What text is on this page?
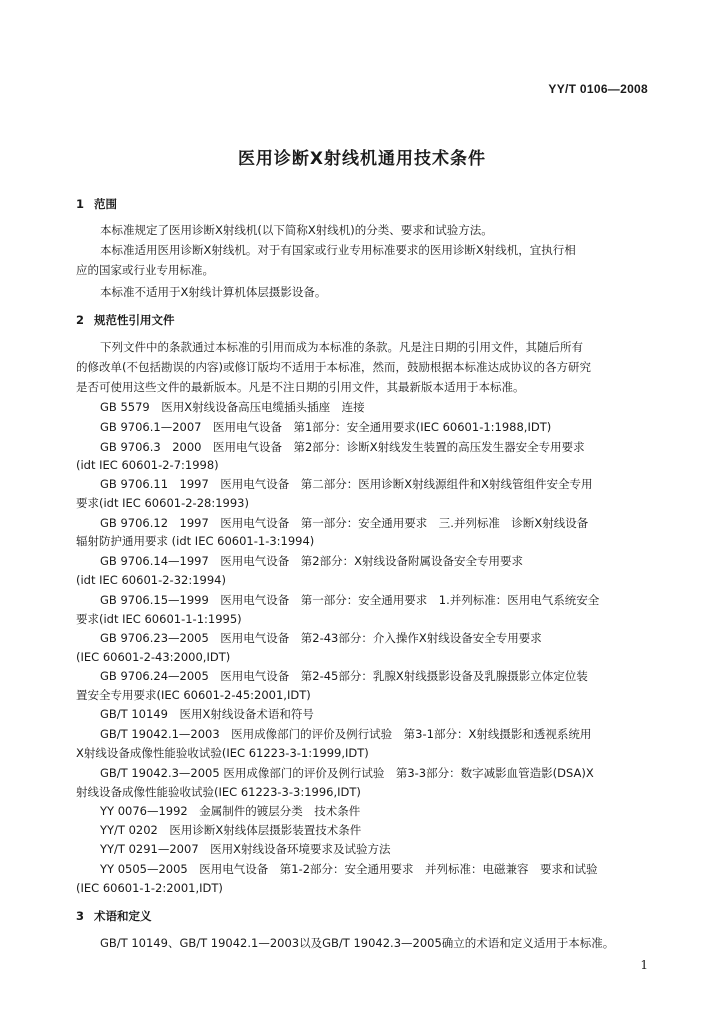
YY/T 0106—2008
医用诊断X射线机通用技术条件
1 范围
本标准规定了医用诊断X射线机(以下简称X射线机)的分类、要求和试验方法。
本标准适用医用诊断X射线机。对于有国家或行业专用标准要求的医用诊断X射线机，宜执行相
应的国家或行业专用标准。
本标准不适用于X射线计算机体层摄影设备。
2 规范性引用文件
下列文件中的条款通过本标准的引用而成为本标准的条款。凡是注日期的引用文件，其随后所有
的修改单(不包括勘误的内容)或修订版均不适用于本标准，然而，鼓励根据本标准达成协议的各方研究
是否可使用这些文件的最新版本。凡是不注日期的引用文件，其最新版本适用于本标准。
GB 5579　医用X射线设备高压电缆插头插座　连接
GB 9706.1—2007　医用电气设备　第1部分：安全通用要求(IEC 60601-1:1988,IDT)
GB 9706.3　2000　医用电气设备　第2部分：诊断X射线发生装置的高压发生器安全专用要求
(idt IEC 60601-2-7:1998)
GB 9706.11　1997　医用电气设备　第二部分：医用诊断X射线源组件和X射线管组件安全专用
要求(idt IEC 60601-2-28:1993)
GB 9706.12　1997　医用电气设备　第一部分：安全通用要求　三.并列标准　诊断X射线设备
辐射防护通用要求 (idt IEC 60601-1-3:1994)
GB 9706.14—1997　医用电气设备　第2部分：X射线设备附属设备安全专用要求
(idt IEC 60601-2-32:1994)
GB 9706.15—1999　医用电气设备　第一部分：安全通用要求　1.并列标准：医用电气系统安全
要求(idt IEC 60601-1-1:1995)
GB 9706.23—2005　医用电气设备　第2-43部分：介入操作X射线设备安全专用要求
(IEC 60601-2-43:2000,IDT)
GB 9706.24—2005　医用电气设备　第2-45部分：乳腺X射线摄影设备及乳腺摄影立体定位装
置安全专用要求(IEC 60601-2-45:2001,IDT)
GB/T 10149　医用X射线设备术语和符号
GB/T 19042.1—2003　医用成像部门的评价及例行试验　第3-1部分：X射线摄影和透视系统用
X射线设备成像性能验收试验(IEC 61223-3-1:1999,IDT)
GB/T 19042.3—2005 医用成像部门的评价及例行试验　第3-3部分：数字减影血管造影(DSA)X
射线设备成像性能验收试验(IEC 61223-3-3:1996,IDT)
YY 0076—1992　金属制件的镀层分类　技术条件
YY/T 0202　医用诊断X射线体层摄影装置技术条件
YY/T 0291—2007　医用X射线设备环境要求及试验方法
YY 0505—2005　医用电气设备　第1-2部分：安全通用要求　并列标准：电磁兼容　要求和试验
(IEC 60601-1-2:2001,IDT)
3 术语和定义
GB/T 10149、GB/T 19042.1—2003以及GB/T 19042.3—2005确立的术语和定义适用于本标准。
1
